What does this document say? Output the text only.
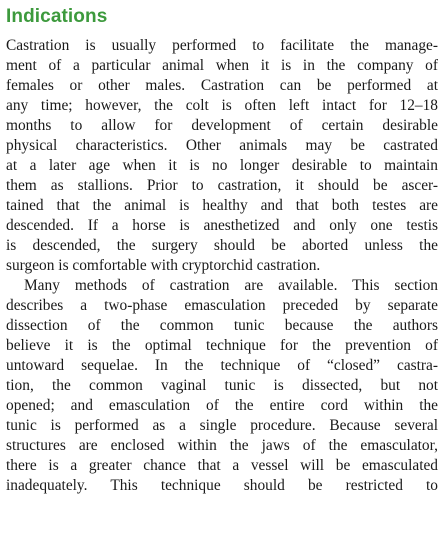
Indications

Castration is usually performed to facilitate the manage-
ment of a particular animal when it is in the company of
females or other males. Castration can be performed at
any time; however, the colt is often left intact for 12–18
months to allow for development of certain desirable
physical characteristics. Other animals may be castrated
at a later age when it is no longer desirable to maintain
them as stallions. Prior to castration, it should be ascer-
tained that the animal is healthy and that both testes are
descended. If a horse is anesthetized and only one testis
is descended, the surgery should be aborted unless the
surgeon is comfortable with cryptorchid castration.

Many methods of castration are available. This section
describes a two-phase emasculation preceded by separate
dissection of the common tunic because the authors
believe it is the optimal technique for the prevention of
untoward sequelae. In the technique of “closed” castra-
tion, the common vaginal tunic is dissected, but not
opened; and emasculation of the entire cord within the
tunic is performed as a single procedure. Because several
structures are enclosed within the jaws of the emasculator,
there is a greater chance that a vessel will be emasculated
inadequately. This technique should be restricted to
